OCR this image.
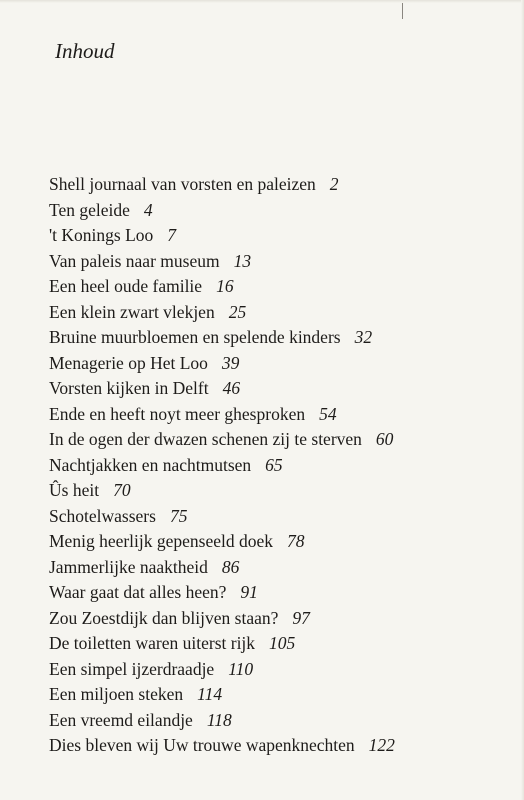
Inhoud
Shell journaal van vorsten en paleizen 2
Ten geleide 4
't Konings Loo 7
Van paleis naar museum 13
Een heel oude familie 16
Een klein zwart vlekjen 25
Bruine muurbloemen en spelende kinders 32
Menagerie op Het Loo 39
Vorsten kijken in Delft 46
Ende en heeft noyt meer ghesproken 54
In de ogen der dwazen schenen zij te sterven 60
Nachtjakken en nachtmutsen 65
Ûs heit 70
Schotelwassers 75
Menig heerlijk gepenseeld doek 78
Jammerlijke naaktheid 86
Waar gaat dat alles heen? 91
Zou Zoestdijk dan blijven staan? 97
De toiletten waren uiterst rijk 105
Een simpel ijzerdraadje 110
Een miljoen steken 114
Een vreemd eilandje 118
Dies bleven wij Uw trouwe wapenknechten 122
